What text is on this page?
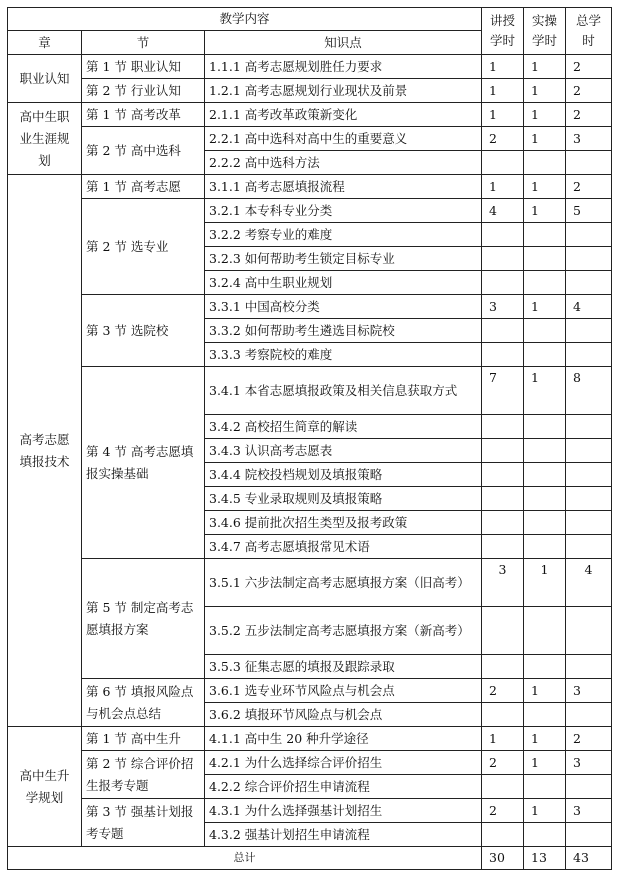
教学内容			讲授学时	实操学时	总学时
章	节	知识点			
职业认知	第 1 节 职业认知	1.1.1 高考志愿规划胜任力要求	1	1	2
	第 2 节 行业认知	1.2.1 高考志愿规划行业现状及前景	1	1	2
高中生职业生涯规划	第 1 节 高考改革	2.1.1 高考改革政策新变化	1	1	2
	第 2 节 高中选科	2.2.1 高中选科对高中生的重要意义	2	1	3
		2.2.2 高中选科方法			
高考志愿填报技术	第 1 节 高考志愿	3.1.1 高考志愿填报流程	1	1	2
	第 2 节 选专业	3.2.1 本专科专业分类	4	1	5
		3.2.2 考察专业的难度			
		3.2.3 如何帮助考生锁定目标专业			
		3.2.4 高中生职业规划			
	第 3 节 选院校	3.3.1 中国高校分类	3	1	4
		3.3.2 如何帮助考生遴选目标院校			
		3.3.3 考察院校的难度			
	第 4 节 高考志愿填报实操基础	3.4.1 本省志愿填报政策及相关信息获取方式	7	1	8
		3.4.2 高校招生简章的解读			
		3.4.3 认识高考志愿表			
		3.4.4 院校投档规划及填报策略			
		3.4.5 专业录取规则及填报策略			
		3.4.6 提前批次招生类型及报考政策			
		3.4.7 高考志愿填报常见术语			
	第 5 节 制定高考志愿填报方案	3.5.1 六步法制定高考志愿填报方案（旧高考）	3	1	4
		3.5.2 五步法制定高考志愿填报方案（新高考）			
		3.5.3 征集志愿的填报及跟踪录取			
	第 6 节 填报风险点与机会点总结	3.6.1 选专业环节风险点与机会点	2	1	3
		3.6.2 填报环节风险点与机会点			
高中生升学规划	第 1 节 高中生升	4.1.1 高中生 20 种升学途径	1	1	2
	第 2 节 综合评价招生报考专题	4.2.1 为什么选择综合评价招生	2	1	3
		4.2.2 综合评价招生申请流程			
	第 3 节 强基计划报考专题	4.3.1 为什么选择强基计划招生	2	1	3
		4.3.2 强基计划招生申请流程			
总计			30	13	43
